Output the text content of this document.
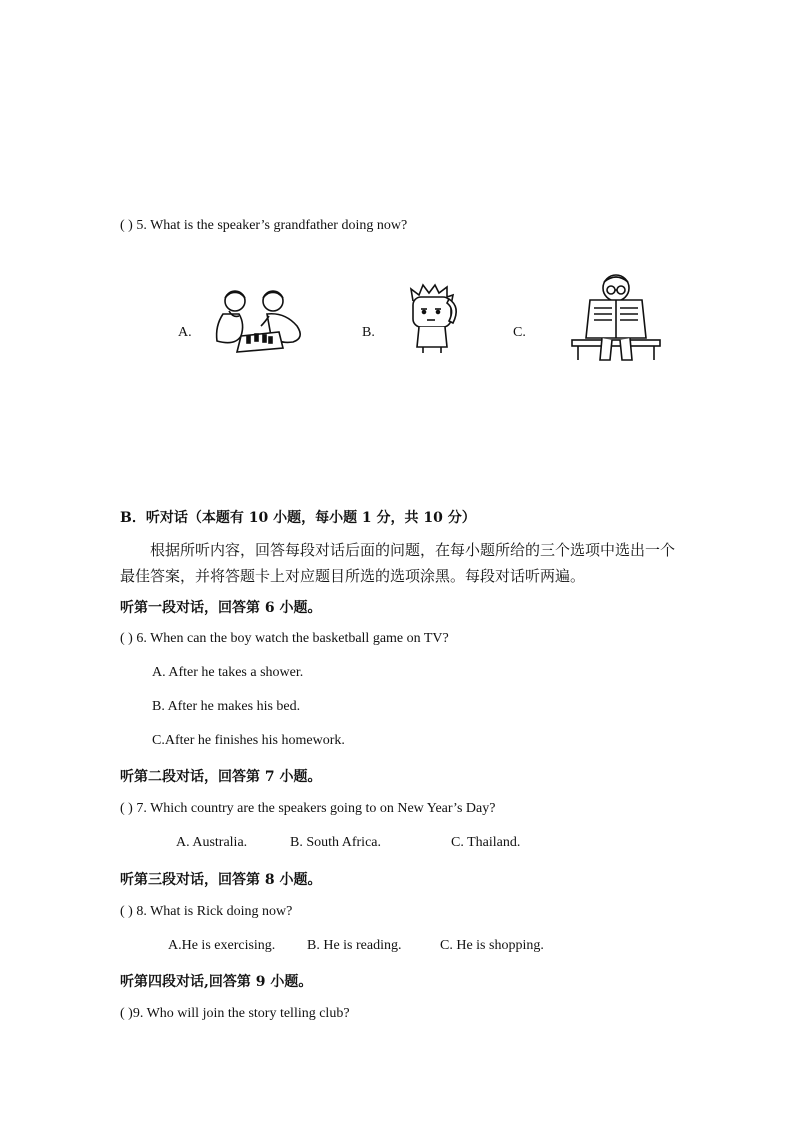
( ) 5. What is the speaker’s grandfather doing now?
A.	B.	C.
B．听对话（本题有 10 小题，每小题 1 分，共 10 分）
根据所听内容，回答每段对话后面的问题，在每小题所给的三个选项中选出一个最佳答案，并将答题卡上对应题目所选的选项涂黑。每段对话听两遍。
听第一段对话，回答第 6 小题。
( ) 6. When can the boy watch the basketball game on TV?
A. After he takes a shower.
B. After he makes his bed.
C.After he finishes his homework.
听第二段对话，回答第 7 小题。
( ) 7. Which country are the speakers going to on New Year’s Day?
A. Australia.	B. South Africa.	C. Thailand.
听第三段对话，回答第 8 小题。
( ) 8. What is Rick doing now?
A.He is exercising. B. He is reading.	C. He is shopping.
听第四段对话,回答第 9 小题。
( )9. Who will join the story telling club?
